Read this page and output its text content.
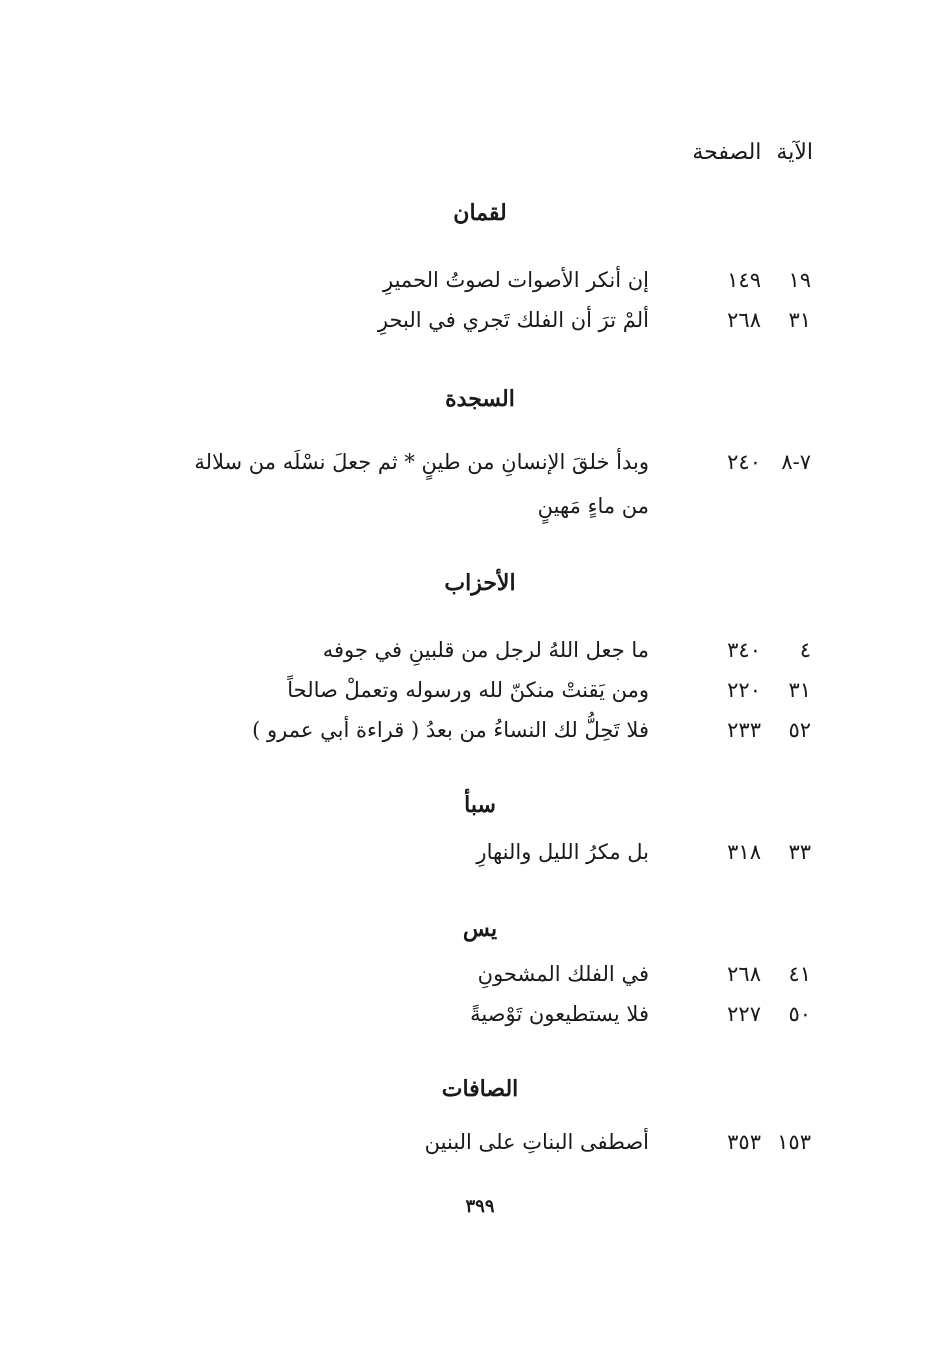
الآية الصفحة
لقمان
١٩
١٤٩
إن أنكر الأصوات لصوتُ الحميرِ
٣١
٢٦٨
ألمْ ترَ أن الفلك تَجري في البحرِ
السجدة
٧-٨
٢٤٠
وبدأ خلقَ الإنسانِ من طينٍ * ثم جعلَ نسْلَه من سلالة
من ماءٍ مَهينٍ
الأحزاب
٤
٣٤٠
ما جعل اللهُ لرجل من قلبينِ في جوفه
٣١
٢٢٠
ومن يَقنتْ منكنّ لله ورسوله وتعملْ صالحاً
٥٢
٢٣٣
فلا تَحِلُّ لك النساءُ من بعدُ ( قراءة أبي عمرو )
سبأ
٣٣
٣١٨
بل مكرُ الليل والنهارِ
يس
٤١
٢٦٨
في الفلك المشحونِ
٥٠
٢٢٧
فلا يستطيعون تَوْصيةً
الصافات
١٥٣
٣٥٣
أصطفى البناتِ على البنين
٣٩٩
